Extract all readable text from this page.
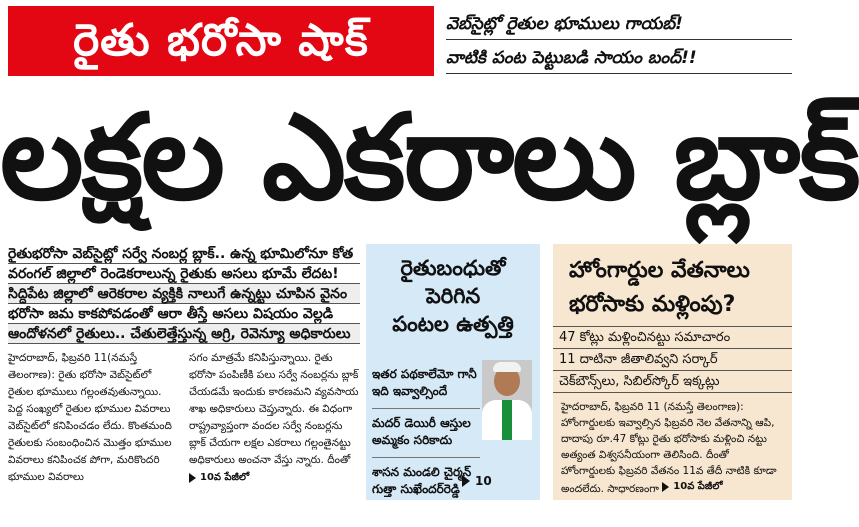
రైతు భరోసా షాక్	వెబ్‌సైట్లో రైతుల భూములు గాయబ్!
వాటికి పంట పెట్టుబడి సాయం బంద్!!
లక్షల ఎకరాలు బ్లాక్
రైతుభరోసా వెబ్‌సైట్లో సర్వే నంబర్ల బ్లాక్.. ఉన్న భూమిలోనూ కోత
వరంగల్ జిల్లాలో రెండెకరాలున్న రైతుకు అసలు భూమే లేదట!
సిద్దిపేట జిల్లాలో ఆరెకరాల వ్యక్తికి నాలుగే ఉన్నట్టు చూపిన వైనం
భరోసా జమ కాకపోవడంతో ఆరా తీస్తే అసలు విషయం వెల్లడి
ఆందోళనలో రైతులు.. చేతులెత్తేస్తున్న అగ్రి, రెవెన్యూ అధికారులు

హైదరాబాద్, ఫిబ్రవరి 11(నమస్తే తెలంగాణ): రైతు భరోసా వెబ్‌సైట్‌లో రైతుల భూములు గల్లంతవుతున్నాయి. పెద్ద సంఖ్యలో రైతుల భూముల వివరాలు వెబ్‌సైట్‌లో కనిపించడం లేదు. కొంతమంది రైతులకు సంబంధించిన మొత్తం భూముల వివరాలు కనిపించక పోగా, మరికొందరి భూముల వివరాలు

సగం మాత్రమే కనిపిస్తున్నాయి. రైతు భరోసా పంపిణీకి పలు సర్వే నంబర్లను బ్లాక్ చేయడమే ఇందుకు కారణమని వ్యవసాయ శాఖ అధికారులు చెప్తున్నారు. ఈ విధంగా రాష్ట్రవ్యాప్తంగా వందల సర్వే నంబర్లను బ్లాక్ చేయగా లక్షల ఎకరాలు గల్లంతైనట్టు అధికారులు అంచనా వేస్తు న్నారు. దీంతో
10వ పేజీలో

రైతుబంధుతో
పెరిగిన
పంటల ఉత్పత్తి
ఇతర పథకాలేమో గానీ ఇది ఇవ్వాల్సిందే
మదర్ డెయిరీ ఆస్తుల అమ్మకం సరికాదు
శాసన మండలి చైర్మన్ గుత్తా సుఖేందర్‌రెడ్డి
10
హోంగార్డుల వేతనాలు
భరోసాకు మళ్లింపు?
47 కోట్లు మళ్లించినట్టు సమాచారం
11 దాటినా జీతాలివ్వని సర్కార్
చెక్‌బౌన్స్‌లు, సిబిల్‌స్కోర్ ఇక్కట్లు
హైదరాబాద్, ఫిబ్రవరి 11 (నమస్తే తెలంగాణ): హోంగార్డులకు ఇవ్వాల్సిన ఫిబ్రవరి నెల వేతనాన్ని ఆపి, దాదాపు రూ.47 కోట్లు రైతు భరోసాకు మళ్లించి నట్టు అత్యంత విశ్వసనీయంగా తెలిసింది. దీంతో హోంగార్డులకు ఫిబ్రవరి వేతనం 11వ తేదీ నాటికి కూడా అందలేదు. సాధారణంగా 10వ పేజీలో
